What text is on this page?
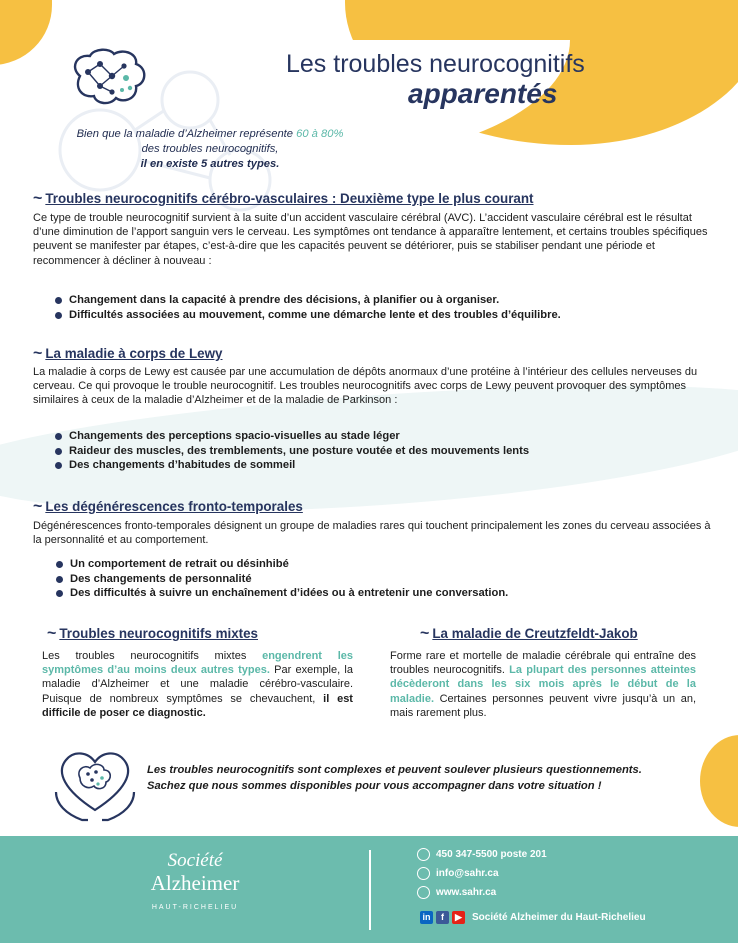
Les troubles neurocognitifs
apparentés
Bien que la maladie d’Alzheimer représente 60 à 80%
des troubles neurocognitifs,
il en existe 5 autres types.
~ Troubles neurocognitifs cérébro-vasculaires : Deuxième type le plus courant
Ce type de trouble neurocognitif survient à la suite d’un accident vasculaire cérébral (AVC). L’accident vasculaire cérébral est le résultat d’une diminution de l’apport sanguin vers le cerveau. Les symptômes ont tendance à apparaître lentement, et certains troubles spécifiques peuvent se manifester par étapes, c’est-à-dire que les capacités peuvent se détériorer, puis se stabiliser pendant une période et recommencer à décliner à nouveau :
Changement dans la capacité à prendre des décisions, à planifier ou à organiser.
Difficultés associées au mouvement, comme une démarche lente et des troubles d’équilibre.
~ La maladie à corps de Lewy
La maladie à corps de Lewy est causée par une accumulation de dépôts anormaux d’une protéine à l’intérieur des cellules nerveuses du cerveau. Ce qui provoque le trouble neurocognitif. Les troubles neurocognitifs avec corps de Lewy peuvent provoquer des symptômes similaires à ceux de la maladie d’Alzheimer et de la maladie de Parkinson :
Changements des perceptions spacio-visuelles au stade léger
Raideur des muscles, des tremblements, une posture voutée et des mouvements lents
Des changements d’habitudes de sommeil
~ Les dégénérescences fronto-temporales
Dégénérescences fronto-temporales désignent un groupe de maladies rares qui touchent principalement les zones du cerveau associées à la personnalité et au comportement.
Un comportement de retrait ou désinhibé
Des changements de personnalité
Des difficultés à suivre un enchaînement d’idées ou à entretenir une conversation.
~ Troubles neurocognitifs mixtes
Les troubles neurocognitifs mixtes engendrent les symptômes d’au moins deux autres types. Par exemple, la maladie d’Alzheimer et une maladie cérébro-vasculaire. Puisque de nombreux symptômes se chevauchent, il est difficile de poser ce diagnostic.
~ La maladie de Creutzfeldt-Jakob
Forme rare et mortelle de maladie cérébrale qui entraîne des troubles neurocognitifs. La plupart des personnes atteintes décèderont dans les six mois après le début de la maladie. Certaines personnes peuvent vivre jusqu’à un an, mais rarement plus.
Les troubles neurocognitifs sont complexes et peuvent soulever plusieurs questionnements.
Sachez que nous sommes disponibles pour vous accompagner dans votre situation !
Société
Alzheimer
HAUT-RICHELIEU
450 347-5500 poste 201
info@sahr.ca
www.sahr.ca
in	f	▶	Société Alzheimer du Haut-Richelieu
